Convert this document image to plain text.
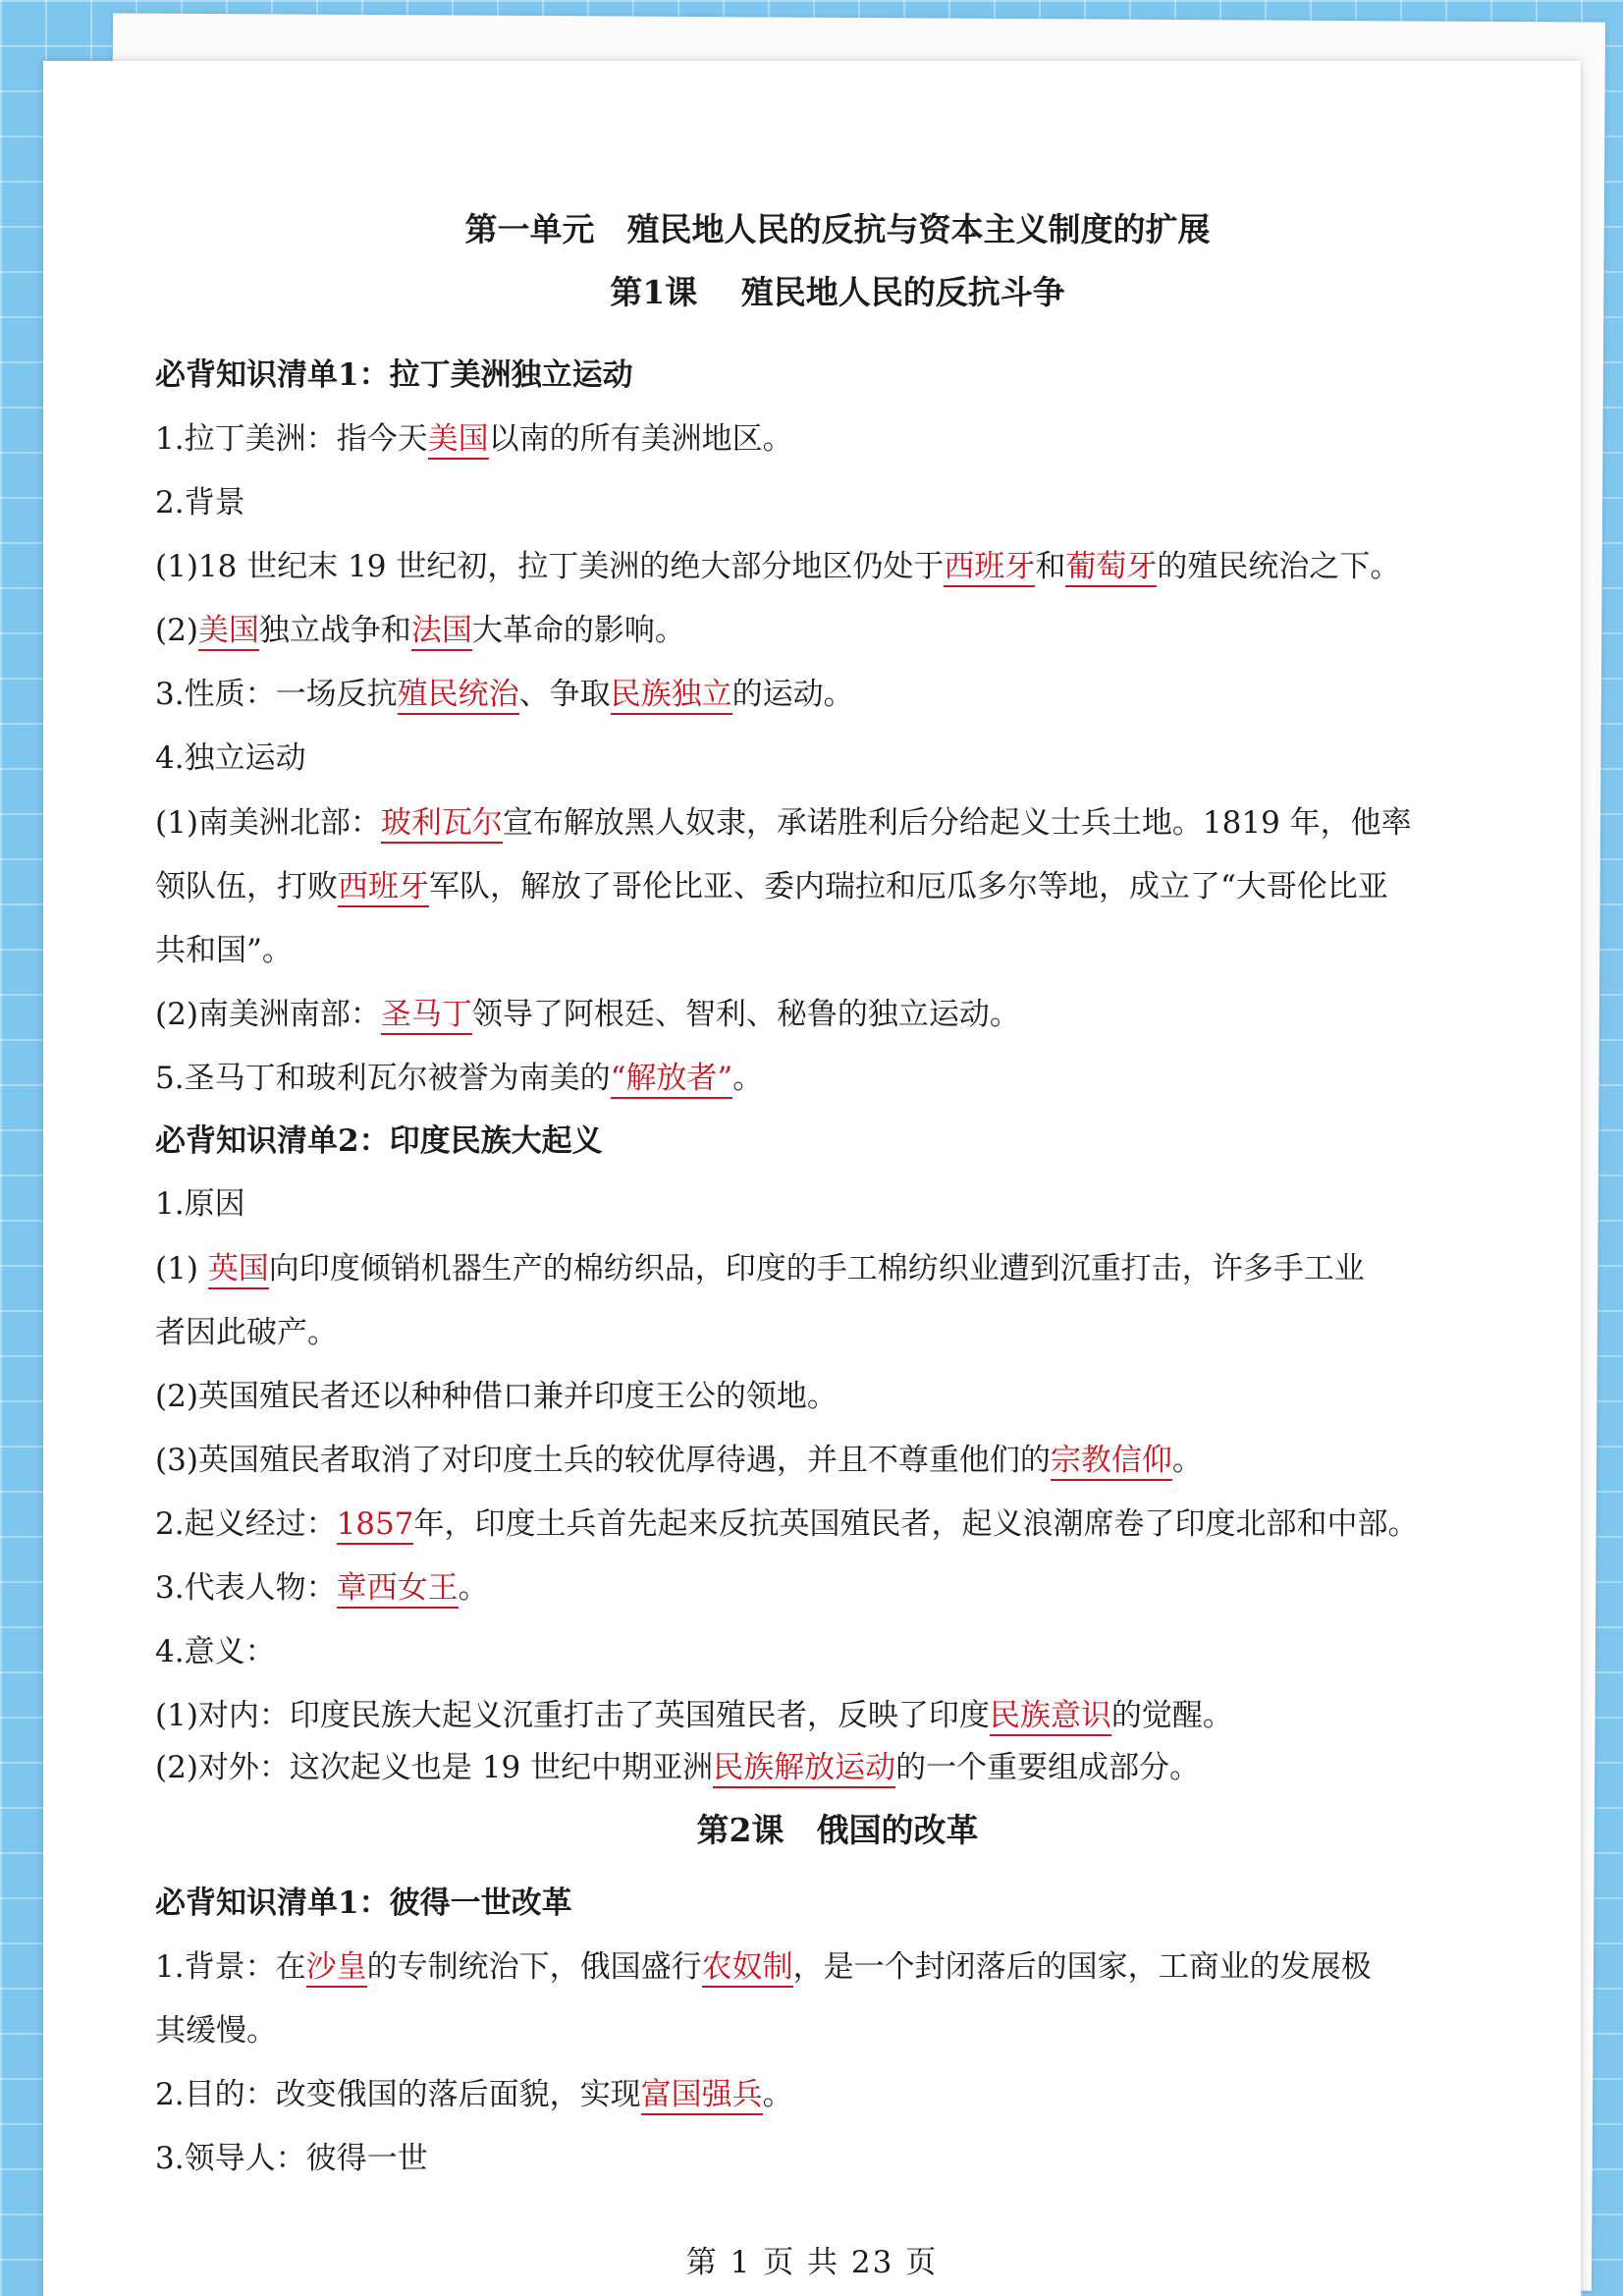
第一单元　殖民地人民的反抗与资本主义制度的扩展
第1课　 殖民地人民的反抗斗争
必背知识清单1：拉丁美洲独立运动
1.拉丁美洲：指今天美国以南的所有美洲地区。
2.背景
(1)18 世纪末 19 世纪初，拉丁美洲的绝大部分地区仍处于西班牙和葡萄牙的殖民统治之下。
(2)美国独立战争和法国大革命的影响。
3.性质：一场反抗殖民统治、争取民族独立的运动。
4.独立运动
(1)南美洲北部：玻利瓦尔宣布解放黑人奴隶，承诺胜利后分给起义士兵土地。1819 年，他率
领队伍，打败西班牙军队，解放了哥伦比亚、委内瑞拉和厄瓜多尔等地，成立了“大哥伦比亚
共和国”。
(2)南美洲南部：圣马丁领导了阿根廷、智利、秘鲁的独立运动。
5.圣马丁和玻利瓦尔被誉为南美的“解放者”。
必背知识清单2：印度民族大起义
1.原因
(1) 英国向印度倾销机器生产的棉纺织品，印度的手工棉纺织业遭到沉重打击，许多手工业
者因此破产。
(2)英国殖民者还以种种借口兼并印度王公的领地。
(3)英国殖民者取消了对印度土兵的较优厚待遇，并且不尊重他们的宗教信仰。
2.起义经过：1857年，印度土兵首先起来反抗英国殖民者，起义浪潮席卷了印度北部和中部。
3.代表人物：章西女王。
4.意义：
(1)对内：印度民族大起义沉重打击了英国殖民者，反映了印度民族意识的觉醒。
(2)对外：这次起义也是 19 世纪中期亚洲民族解放运动的一个重要组成部分。
第2课　俄国的改革
必背知识清单1：彼得一世改革
1.背景：在沙皇的专制统治下，俄国盛行农奴制，是一个封闭落后的国家，工商业的发展极
其缓慢。
2.目的：改变俄国的落后面貌，实现富国强兵。
3.领导人：彼得一世
第 1 页 共 23 页
